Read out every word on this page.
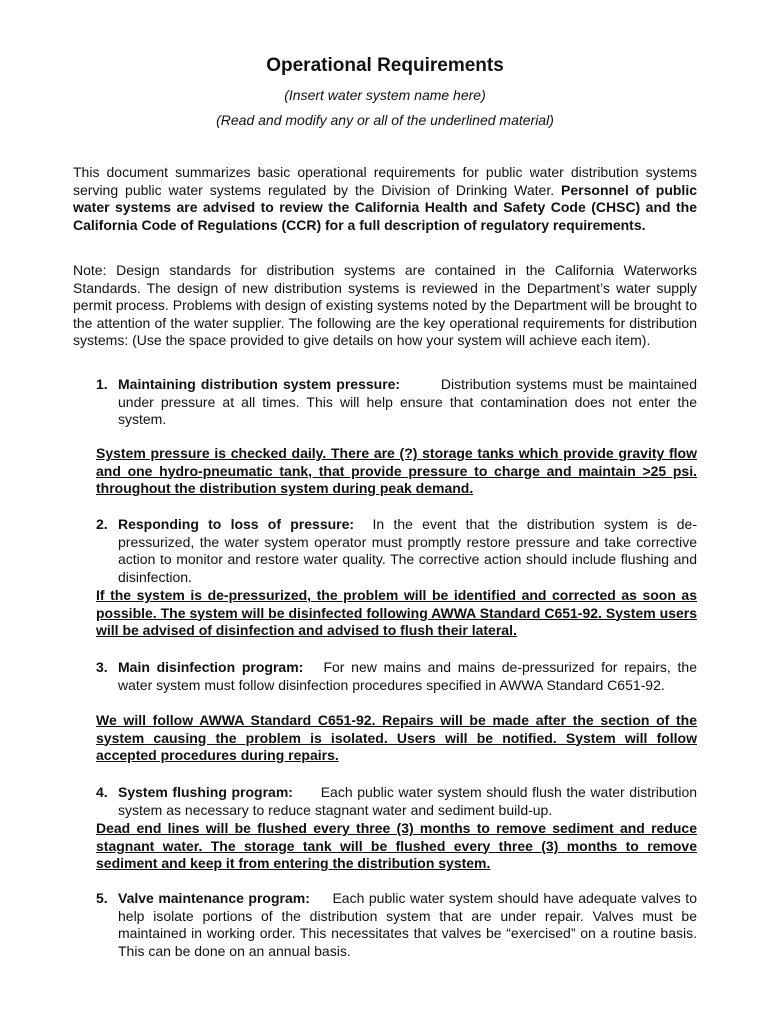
Operational Requirements
(Insert water system name here)
(Read and modify any or all of the underlined material)

This document summarizes basic operational requirements for public water distribution systems serving public water systems regulated by the Division of Drinking Water. Personnel of public water systems are advised to review the California Health and Safety Code (CHSC) and the California Code of Regulations (CCR) for a full description of regulatory requirements.

Note: Design standards for distribution systems are contained in the California Waterworks Standards. The design of new distribution systems is reviewed in the Department’s water supply permit process. Problems with design of existing systems noted by the Department will be brought to the attention of the water supplier. The following are the key operational requirements for distribution systems: (Use the space provided to give details on how your system will achieve each item).

1. Maintaining distribution system pressure:	Distribution systems must be maintained under pressure at all times. This will help ensure that contamination does not enter the system.

System pressure is checked daily. There are (?) storage tanks which provide gravity flow and one hydro-pneumatic tank, that provide pressure to charge and maintain >25 psi. throughout the distribution system during peak demand.

2. Responding to loss of pressure: In the event that the distribution system is de-pressurized, the water system operator must promptly restore pressure and take corrective action to monitor and restore water quality. The corrective action should include flushing and disinfection.

If the system is de-pressurized, the problem will be identified and corrected as soon as possible. The system will be disinfected following AWWA Standard C651-92. System users will be advised of disinfection and advised to flush their lateral.

3. Main disinfection program: For new mains and mains de-pressurized for repairs, the water system must follow disinfection procedures specified in AWWA Standard C651-92.

We will follow AWWA Standard C651-92. Repairs will be made after the section of the system causing the problem is isolated. Users will be notified. System will follow accepted procedures during repairs.

4. System flushing program: Each public water system should flush the water distribution system as necessary to reduce stagnant water and sediment build-up.

Dead end lines will be flushed every three (3) months to remove sediment and reduce stagnant water. The storage tank will be flushed every three (3) months to remove sediment and keep it from entering the distribution system.

5. Valve maintenance program: Each public water system should have adequate valves to help isolate portions of the distribution system that are under repair. Valves must be maintained in working order. This necessitates that valves be “exercised” on a routine basis. This can be done on an annual basis.
